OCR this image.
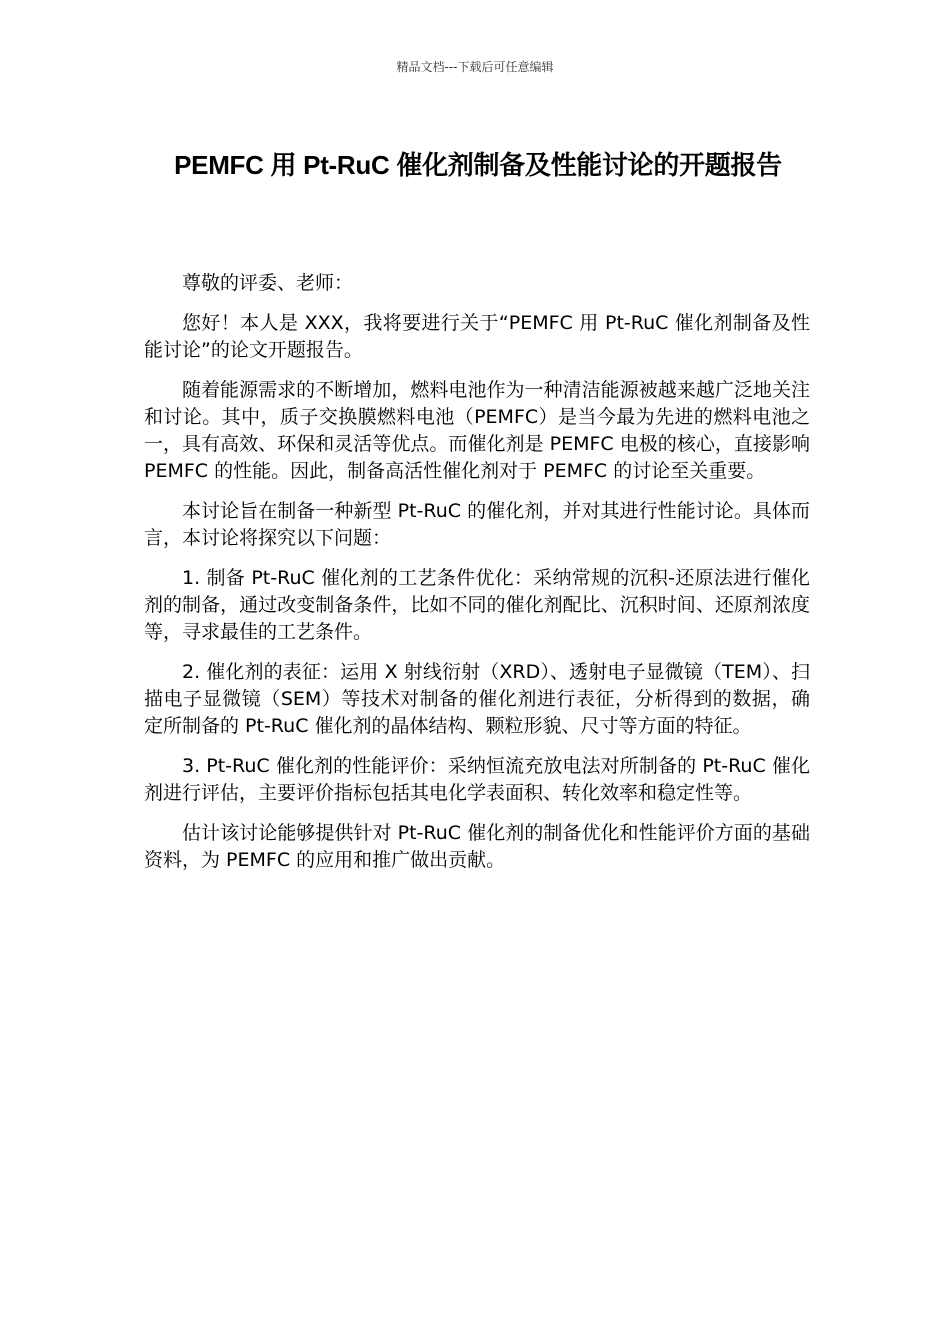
精品文档---下载后可任意编辑
PEMFC 用 Pt-RuC 催化剂制备及性能讨论的开题报告

尊敬的评委、老师：

您好！本人是 XXX，我将要进行关于“PEMFC 用 Pt-RuC 催化剂制备及性能讨论”的论文开题报告。

随着能源需求的不断增加，燃料电池作为一种清洁能源被越来越广泛地关注和讨论。其中，质子交换膜燃料电池（PEMFC）是当今最为先进的燃料电池之一，具有高效、环保和灵活等优点。而催化剂是 PEMFC 电极的核心，直接影响 PEMFC 的性能。因此，制备高活性催化剂对于 PEMFC 的讨论至关重要。

本讨论旨在制备一种新型 Pt-RuC 的催化剂，并对其进行性能讨论。具体而言，本讨论将探究以下问题：

1. 制备 Pt-RuC 催化剂的工艺条件优化：采纳常规的沉积-还原法进行催化剂的制备，通过改变制备条件，比如不同的催化剂配比、沉积时间、还原剂浓度等，寻求最佳的工艺条件。

2. 催化剂的表征：运用 X 射线衍射（XRD）、透射电子显微镜（TEM）、扫描电子显微镜（SEM）等技术对制备的催化剂进行表征，分析得到的数据，确定所制备的 Pt-RuC 催化剂的晶体结构、颗粒形貌、尺寸等方面的特征。

3. Pt-RuC 催化剂的性能评价：采纳恒流充放电法对所制备的 Pt-RuC 催化剂进行评估，主要评价指标包括其电化学表面积、转化效率和稳定性等。

估计该讨论能够提供针对 Pt-RuC 催化剂的制备优化和性能评价方面的基础资料，为 PEMFC 的应用和推广做出贡献。
